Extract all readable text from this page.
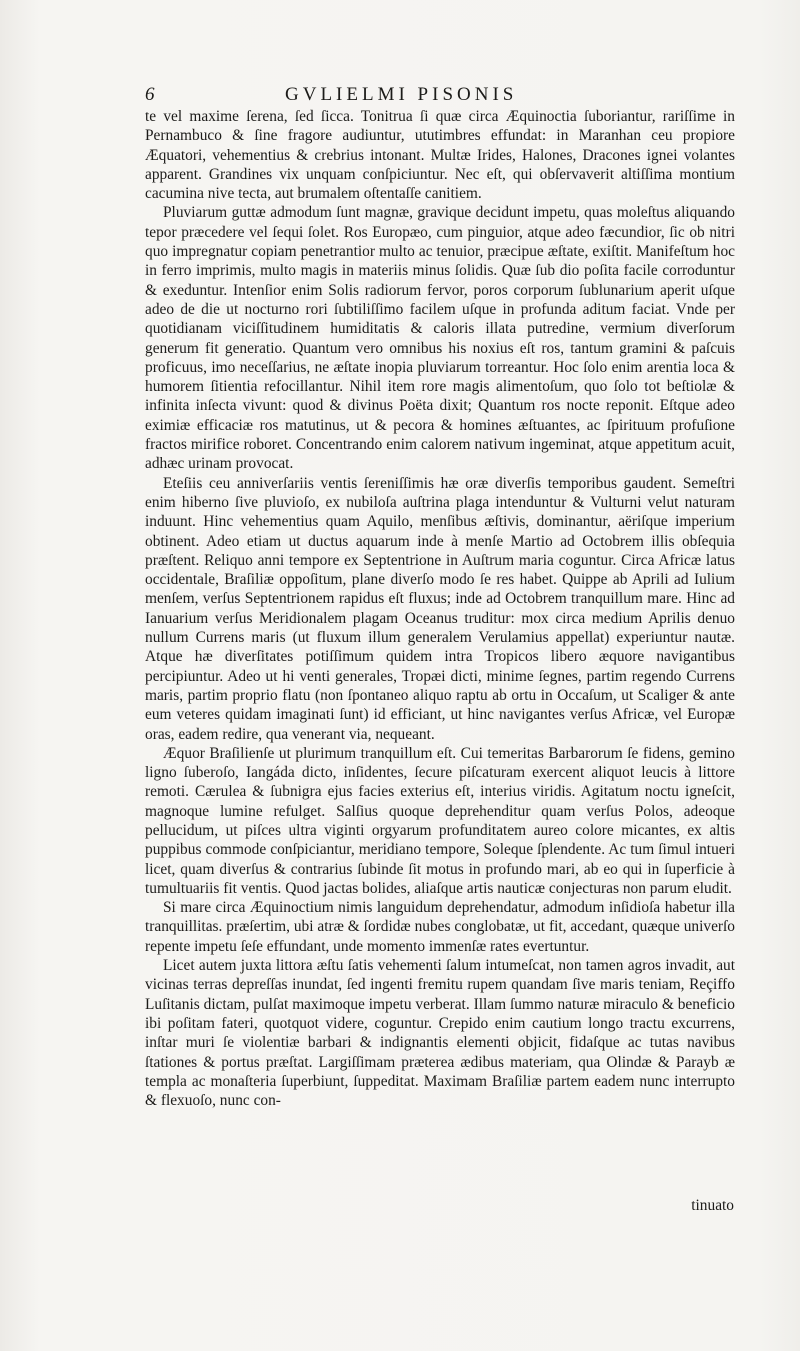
6	GVLIELMI PISONIS

te vel maxime ſerena, ſed ſicca. Tonitrua ſi quæ circa Æquinoctia ſuboriantur, rariſſime in Pernambuco & ſine fragore audiuntur, ututimbres effundat: in Maranhan ceu propiore Æquatori, vehementius & crebrius intonant. Multæ Irides, Halones, Dracones ignei volantes apparent. Grandines vix unquam conſpiciuntur. Nec eſt, qui obſervaverit altiſſima montium cacumina nive tecta, aut brumalem oſtentaſſe canitiem.

Pluviarum guttæ admodum ſunt magnæ, gravique decidunt impetu, quas moleſtus aliquando tepor præcedere vel ſequi ſolet. Ros Europæo, cum pinguior, atque adeo fæcundior, ſic ob nitri quo impregnatur copiam penetrantior multo ac tenuior, præcipue æſtate, exiſtit. Manifeſtum hoc in ferro imprimis, multo magis in materiis minus ſolidis. Quæ ſub dio poſita facile corroduntur & exeduntur. Intenſior enim Solis radiorum fervor, poros corporum ſublunarium aperit uſque adeo de die ut nocturno rori ſubtiliſſimo facilem uſque in profunda aditum faciat. Vnde per quotidianam viciſſitudinem humiditatis & caloris illata putredine, vermium diverſorum generum fit generatio. Quantum vero omnibus his noxius eſt ros, tantum gramini & paſcuis proficuus, imo neceſſarius, ne æſtate inopia pluviarum torreantur. Hoc ſolo enim arentia loca & humorem ſitientia refocillantur. Nihil item rore magis alimentoſum, quo ſolo tot beſtiolæ & infinita inſecta vivunt: quod & divinus Poëta dixit; Quantum ros nocte reponit. Eſtque adeo eximiæ efficaciæ ros matutinus, ut & pecora & homines æſtuantes, ac ſpirituum profuſione fractos mirifice roboret. Concentrando enim calorem nativum ingeminat, atque appetitum acuit, adhæc urinam provocat.

Eteſiis ceu anniverſariis ventis ſereniſſimis hæ oræ diverſis temporibus gaudent. Semeſtri enim hiberno ſive pluvioſo, ex nubiloſa auſtrina plaga intenduntur & Vulturni velut naturam induunt. Hinc vehementius quam Aquilo, menſibus æſtivis, dominantur, aëriſque imperium obtinent. Adeo etiam ut ductus aquarum inde à menſe Martio ad Octobrem illis obſequia præſtent. Reliquo anni tempore ex Septentrione in Auſtrum maria coguntur. Circa Africæ latus occidentale, Braſiliæ oppoſitum, plane diverſo modo ſe res habet. Quippe ab Aprili ad Iulium menſem, verſus Septentrionem rapidus eſt fluxus; inde ad Octobrem tranquillum mare. Hinc ad Ianuarium verſus Meridionalem plagam Oceanus truditur: mox circa medium Aprilis denuo nullum Currens maris (ut fluxum illum generalem Verulamius appellat) experiuntur nautæ. Atque hæ diverſitates potiſſimum quidem intra Tropicos libero æquore navigantibus percipiuntur. Adeo ut hi venti generales, Tropæi dicti, minime ſegnes, partim regendo Currens maris, partim proprio flatu (non ſpontaneo aliquo raptu ab ortu in Occaſum, ut Scaliger & ante eum veteres quidam imaginati ſunt) id efficiant, ut hinc navigantes verſus Africæ, vel Europæ oras, eadem redire, qua venerant via, nequeant.

Æquor Braſilienſe ut plurimum tranquillum eſt. Cui temeritas Barbarorum ſe fidens, gemino ligno ſuberoſo, Iangáda dicto, inſidentes, ſecure piſcaturam exercent aliquot leucis à littore remoti. Cærulea & ſubnigra ejus facies exterius eſt, interius viridis. Agitatum noctu igneſcit, magnoque lumine refulget. Salſius quoque deprehenditur quam verſus Polos, adeoque pellucidum, ut piſces ultra viginti orgyarum profunditatem aureo colore micantes, ex altis puppibus commode conſpiciantur, meridiano tempore, Soleque ſplendente. Ac tum ſimul intueri licet, quam diverſus & contrarius ſubinde ſit motus in profundo mari, ab eo qui in ſuperficie à tumultuariis fit ventis. Quod jactas bolides, aliaſque artis nauticæ conjecturas non parum eludit.

Si mare circa Æquinoctium nimis languidum deprehendatur, admodum inſidioſa habetur illa tranquillitas. præſertim, ubi atræ & ſordidæ nubes conglobatæ, ut fit, accedant, quæque univerſo repente impetu ſeſe effundant, unde momento immenſæ rates evertuntur.

Licet autem juxta littora æſtu ſatis vehementi ſalum intumeſcat, non tamen agros invadit, aut vicinas terras depreſſas inundat, ſed ingenti fremitu rupem quandam ſive maris teniam, Reçiffo Luſitanis dictam, pulſat maximoque impetu verberat. Illam ſummo naturæ miraculo & beneficio ibi poſitam fateri, quotquot videre, coguntur. Crepido enim cautium longo tractu excurrens, inſtar muri ſe violentiæ barbari & indignantis elementi objicit, fidaſque ac tutas navibus ſtationes & portus præſtat. Largiſſimam prætereа ædibus materiam, qua Olindæ & Parayb æ templa ac monaſteria ſuperbiunt, ſuppeditat. Maximam Braſiliæ partem eadem nunc interrupto & flexuoſo, nunc con-

tinuato
